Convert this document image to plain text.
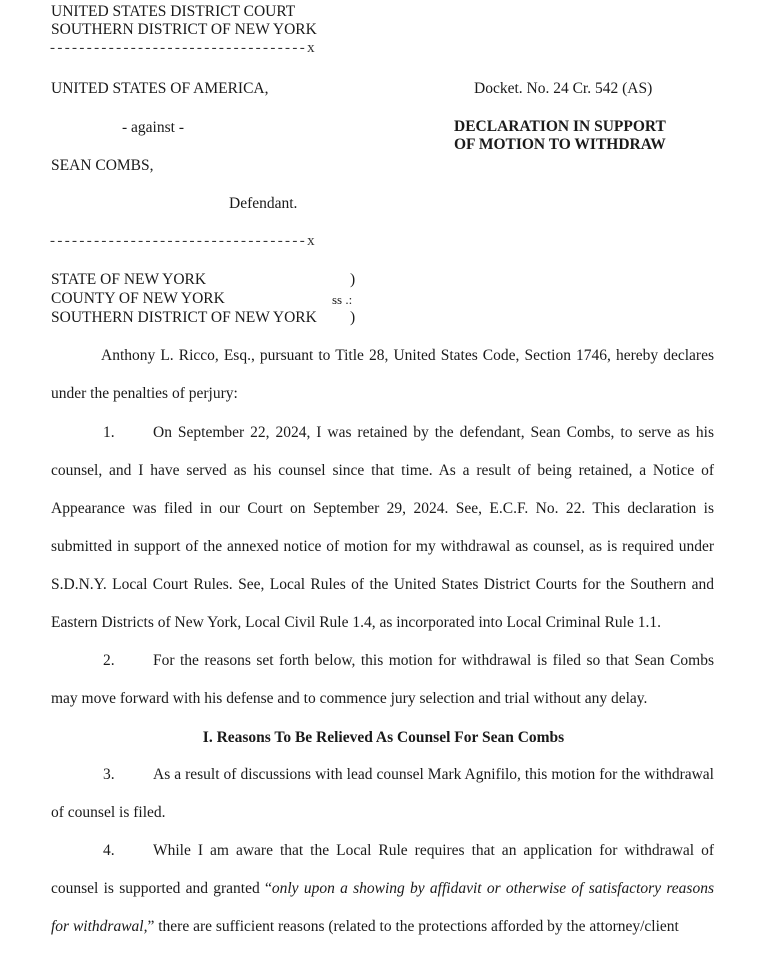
UNITED STATES DISTRICT COURT
SOUTHERN DISTRICT OF NEW YORK
-----------------------------------x
UNITED STATES OF AMERICA,
- against -
SEAN COMBS,
Defendant.
-----------------------------------x
Docket. No. 24 Cr. 542 (AS)
DECLARATION IN SUPPORT
OF MOTION TO WITHDRAW
STATE OF NEW YORK
COUNTY OF NEW YORK
SOUTHERN DISTRICT OF NEW YORK
)
ss .:
)
Anthony L. Ricco, Esq., pursuant to Title 28, United States Code, Section 1746, hereby declares under the penalties of perjury:
1. On September 22, 2024, I was retained by the defendant, Sean Combs, to serve as his counsel, and I have served as his counsel since that time. As a result of being retained, a Notice of Appearance was filed in our Court on September 29, 2024. See, E.C.F. No. 22. This declaration is submitted in support of the annexed notice of motion for my withdrawal as counsel, as is required under S.D.N.Y. Local Court Rules. See, Local Rules of the United States District Courts for the Southern and Eastern Districts of New York, Local Civil Rule 1.4, as incorporated into Local Criminal Rule 1.1.
2. For the reasons set forth below, this motion for withdrawal is filed so that Sean Combs may move forward with his defense and to commence jury selection and trial without any delay.
I. Reasons To Be Relieved As Counsel For Sean Combs
3. As a result of discussions with lead counsel Mark Agnifilo, this motion for the withdrawal of counsel is filed.
4. While I am aware that the Local Rule requires that an application for withdrawal of counsel is supported and granted “only upon a showing by affidavit or otherwise of satisfactory reasons for withdrawal,” there are sufficient reasons (related to the protections afforded by the attorney/client
